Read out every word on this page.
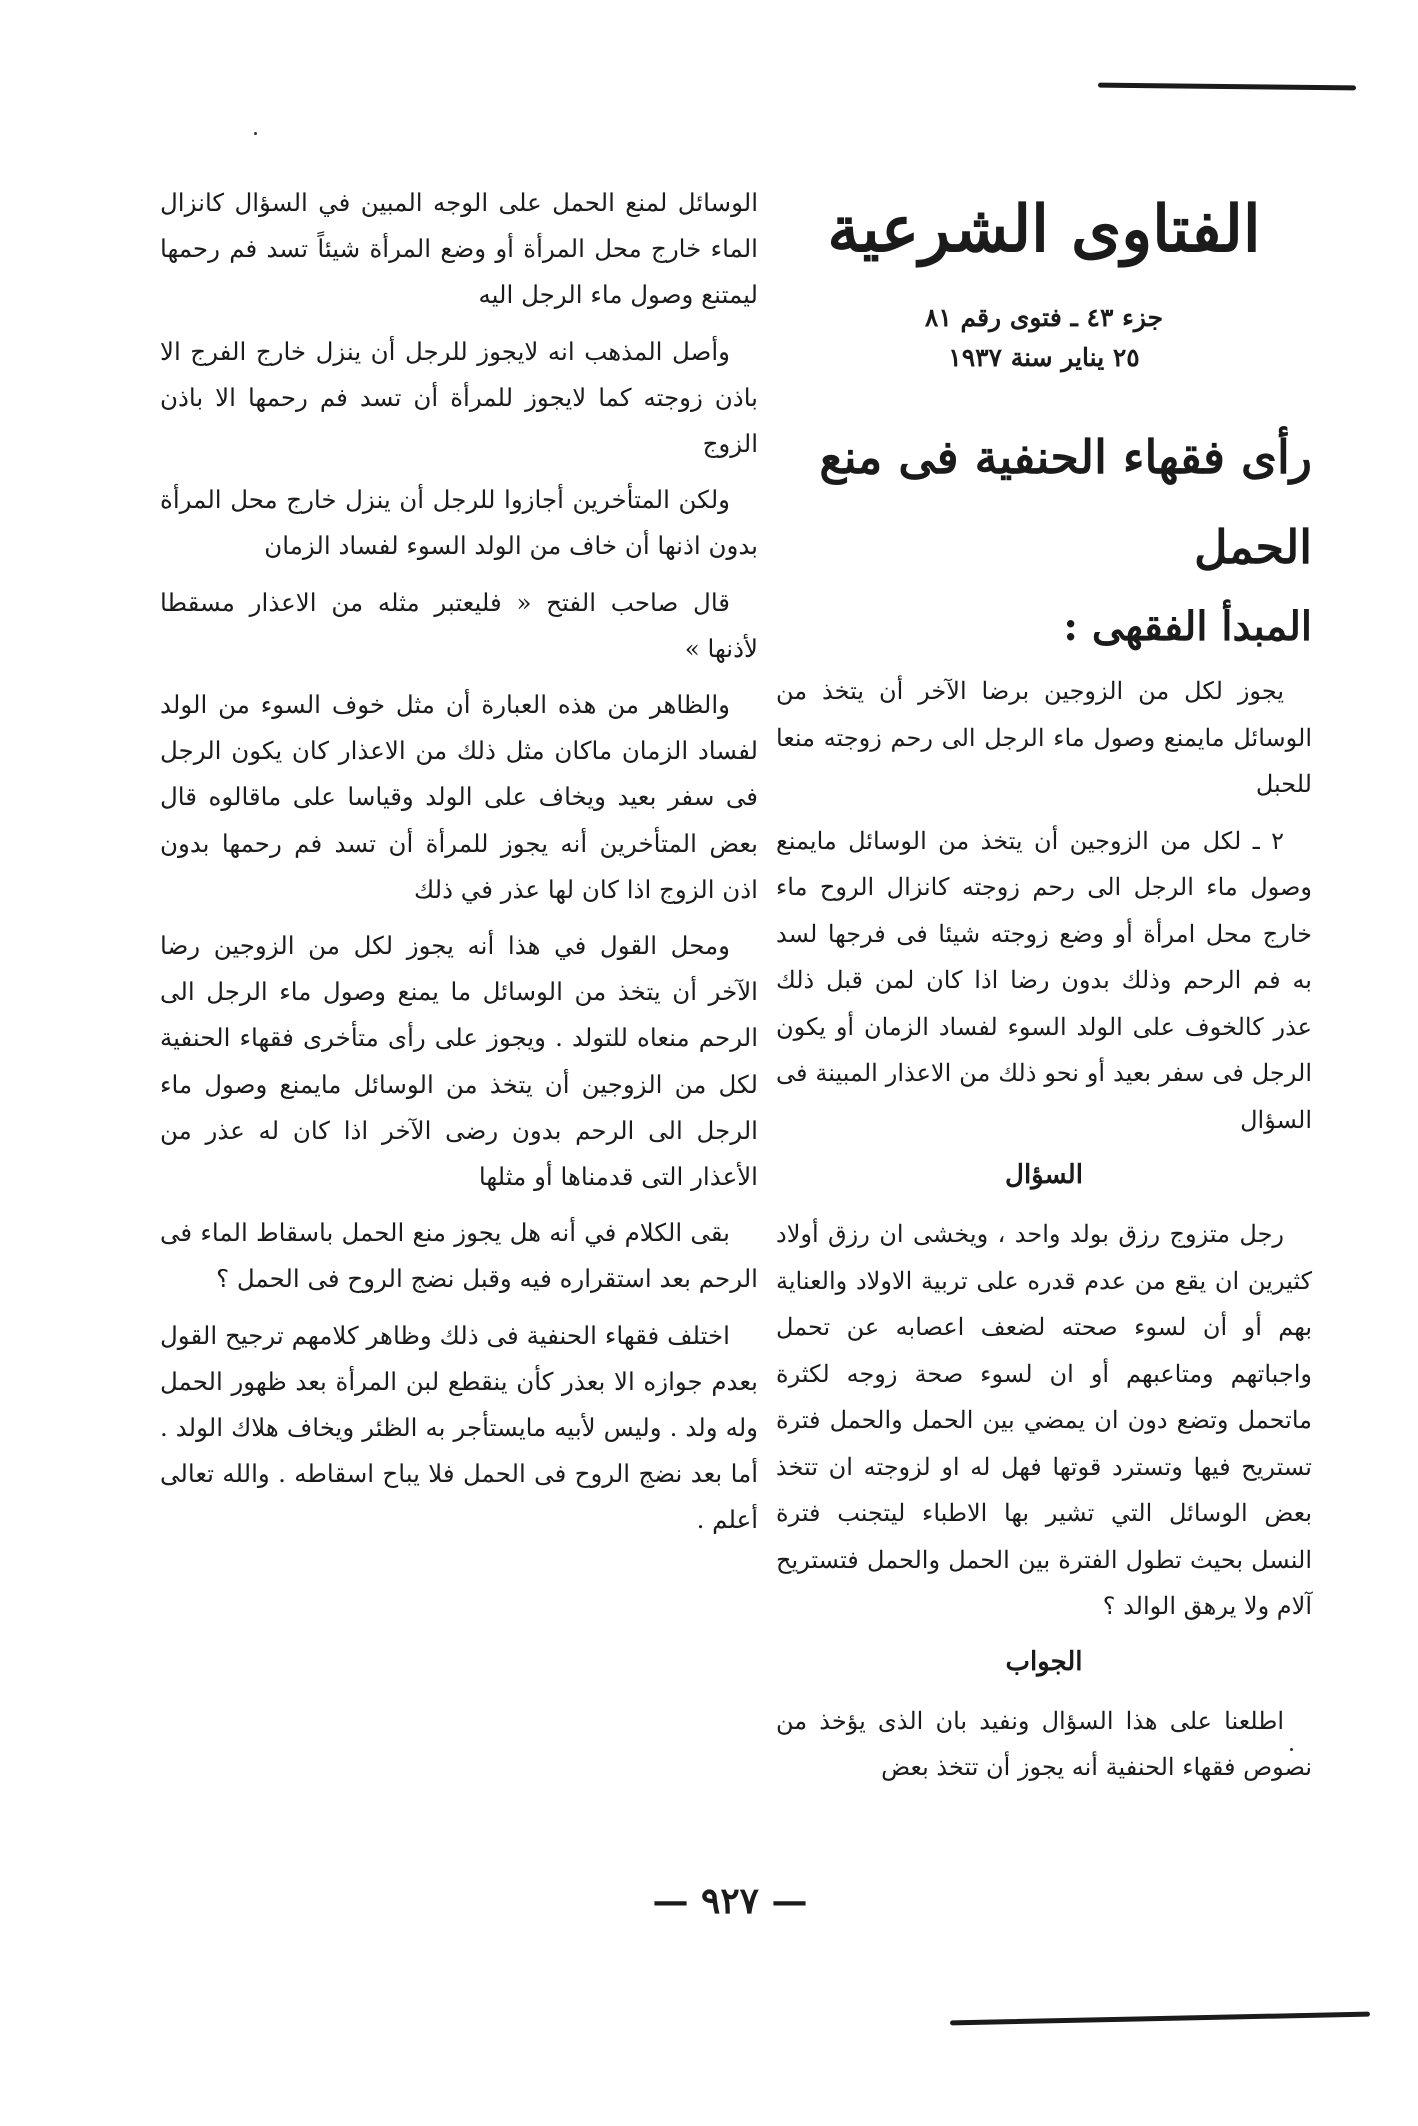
الفتاوى الشرعية

جزء ٤٣ ـ فتوى رقم ٨١

٢٥ يناير سنة ١٩٣٧

رأى فقهاء الحنفية فى منع الحمل
المبدأ الفقهى :

يجوز لكل من الزوجين برضا الآخر أن يتخذ من الوسائل مايمنع وصول ماء الرجل الى رحم زوجته منعا للحبل

٢ ـ لكل من الزوجين أن يتخذ من الوسائل مايمنع وصول ماء الرجل الى رحم زوجته كانزال الروح ماء خارج محل امرأة أو وضع زوجته شيئا فى فرجها لسد به فم الرحم وذلك بدون رضا اذا كان لمن قبل ذلك عذر كالخوف على الولد السوء لفساد الزمان أو يكون الرجل فى سفر بعيد أو نحو ذلك من الاعذار المبينة فى السؤال

السؤال

رجل متزوج رزق بولد واحد ، ويخشى ان رزق أولاد كثيرين ان يقع من عدم قدره على تربية الاولاد والعناية بهم أو أن لسوء صحته لضعف اعصابه عن تحمل واجباتهم ومتاعبهم أو ان لسوء صحة زوجه لكثرة ماتحمل وتضع دون ان يمضي بين الحمل والحمل فترة تستريح فيها وتسترد قوتها فهل له او لزوجته ان تتخذ بعض الوسائل التي تشير بها الاطباء ليتجنب فترة النسل بحيث تطول الفترة بين الحمل والحمل فتستريح آلام ولا يرهق الوالد ؟

الجواب

اطلعنا على هذا السؤال ونفيد بان الذى يؤخذ من نصوص فقهاء الحنفية أنه يجوز أن تتخذ بعض

الوسائل لمنع الحمل على الوجه المبين في السؤال كانزال الماء خارج محل المرأة أو وضع المرأة شيئاً تسد فم رحمها ليمتنع وصول ماء الرجل اليه

وأصل المذهب انه لايجوز للرجل أن ينزل خارج الفرج الا باذن زوجته كما لايجوز للمرأة أن تسد فم رحمها الا باذن الزوج

ولكن المتأخرين أجازوا للرجل أن ينزل خارج محل المرأة بدون اذنها أن خاف من الولد السوء لفساد الزمان

قال صاحب الفتح « فليعتبر مثله من الاعذار مسقطا لأذنها »

والظاهر من هذه العبارة أن مثل خوف السوء من الولد لفساد الزمان ماكان مثل ذلك من الاعذار كان يكون الرجل فى سفر بعيد ويخاف على الولد وقياسا على ماقالوه قال بعض المتأخرين أنه يجوز للمرأة أن تسد فم رحمها بدون اذن الزوج اذا كان لها عذر في ذلك

ومحل القول في هذا أنه يجوز لكل من الزوجين رضا الآخر أن يتخذ من الوسائل ما يمنع وصول ماء الرجل الى الرحم منعاه للتولد . ويجوز على رأى متأخرى فقهاء الحنفية لكل من الزوجين أن يتخذ من الوسائل مايمنع وصول ماء الرجل الى الرحم بدون رضى الآخر اذا كان له عذر من الأعذار التى قدمناها أو مثلها

بقى الكلام في أنه هل يجوز منع الحمل باسقاط الماء فى الرحم بعد استقراره فيه وقبل نضج الروح فى الحمل ؟

اختلف فقهاء الحنفية فى ذلك وظاهر كلامهم ترجيح القول بعدم جوازه الا بعذر كأن ينقطع لبن المرأة بعد ظهور الحمل وله ولد . وليس لأبيه مايستأجر به الظئر ويخاف هلاك الولد . أما بعد نضج الروح فى الحمل فلا يباح اسقاطه . والله تعالى أعلم .

— ٩٢٧ —
